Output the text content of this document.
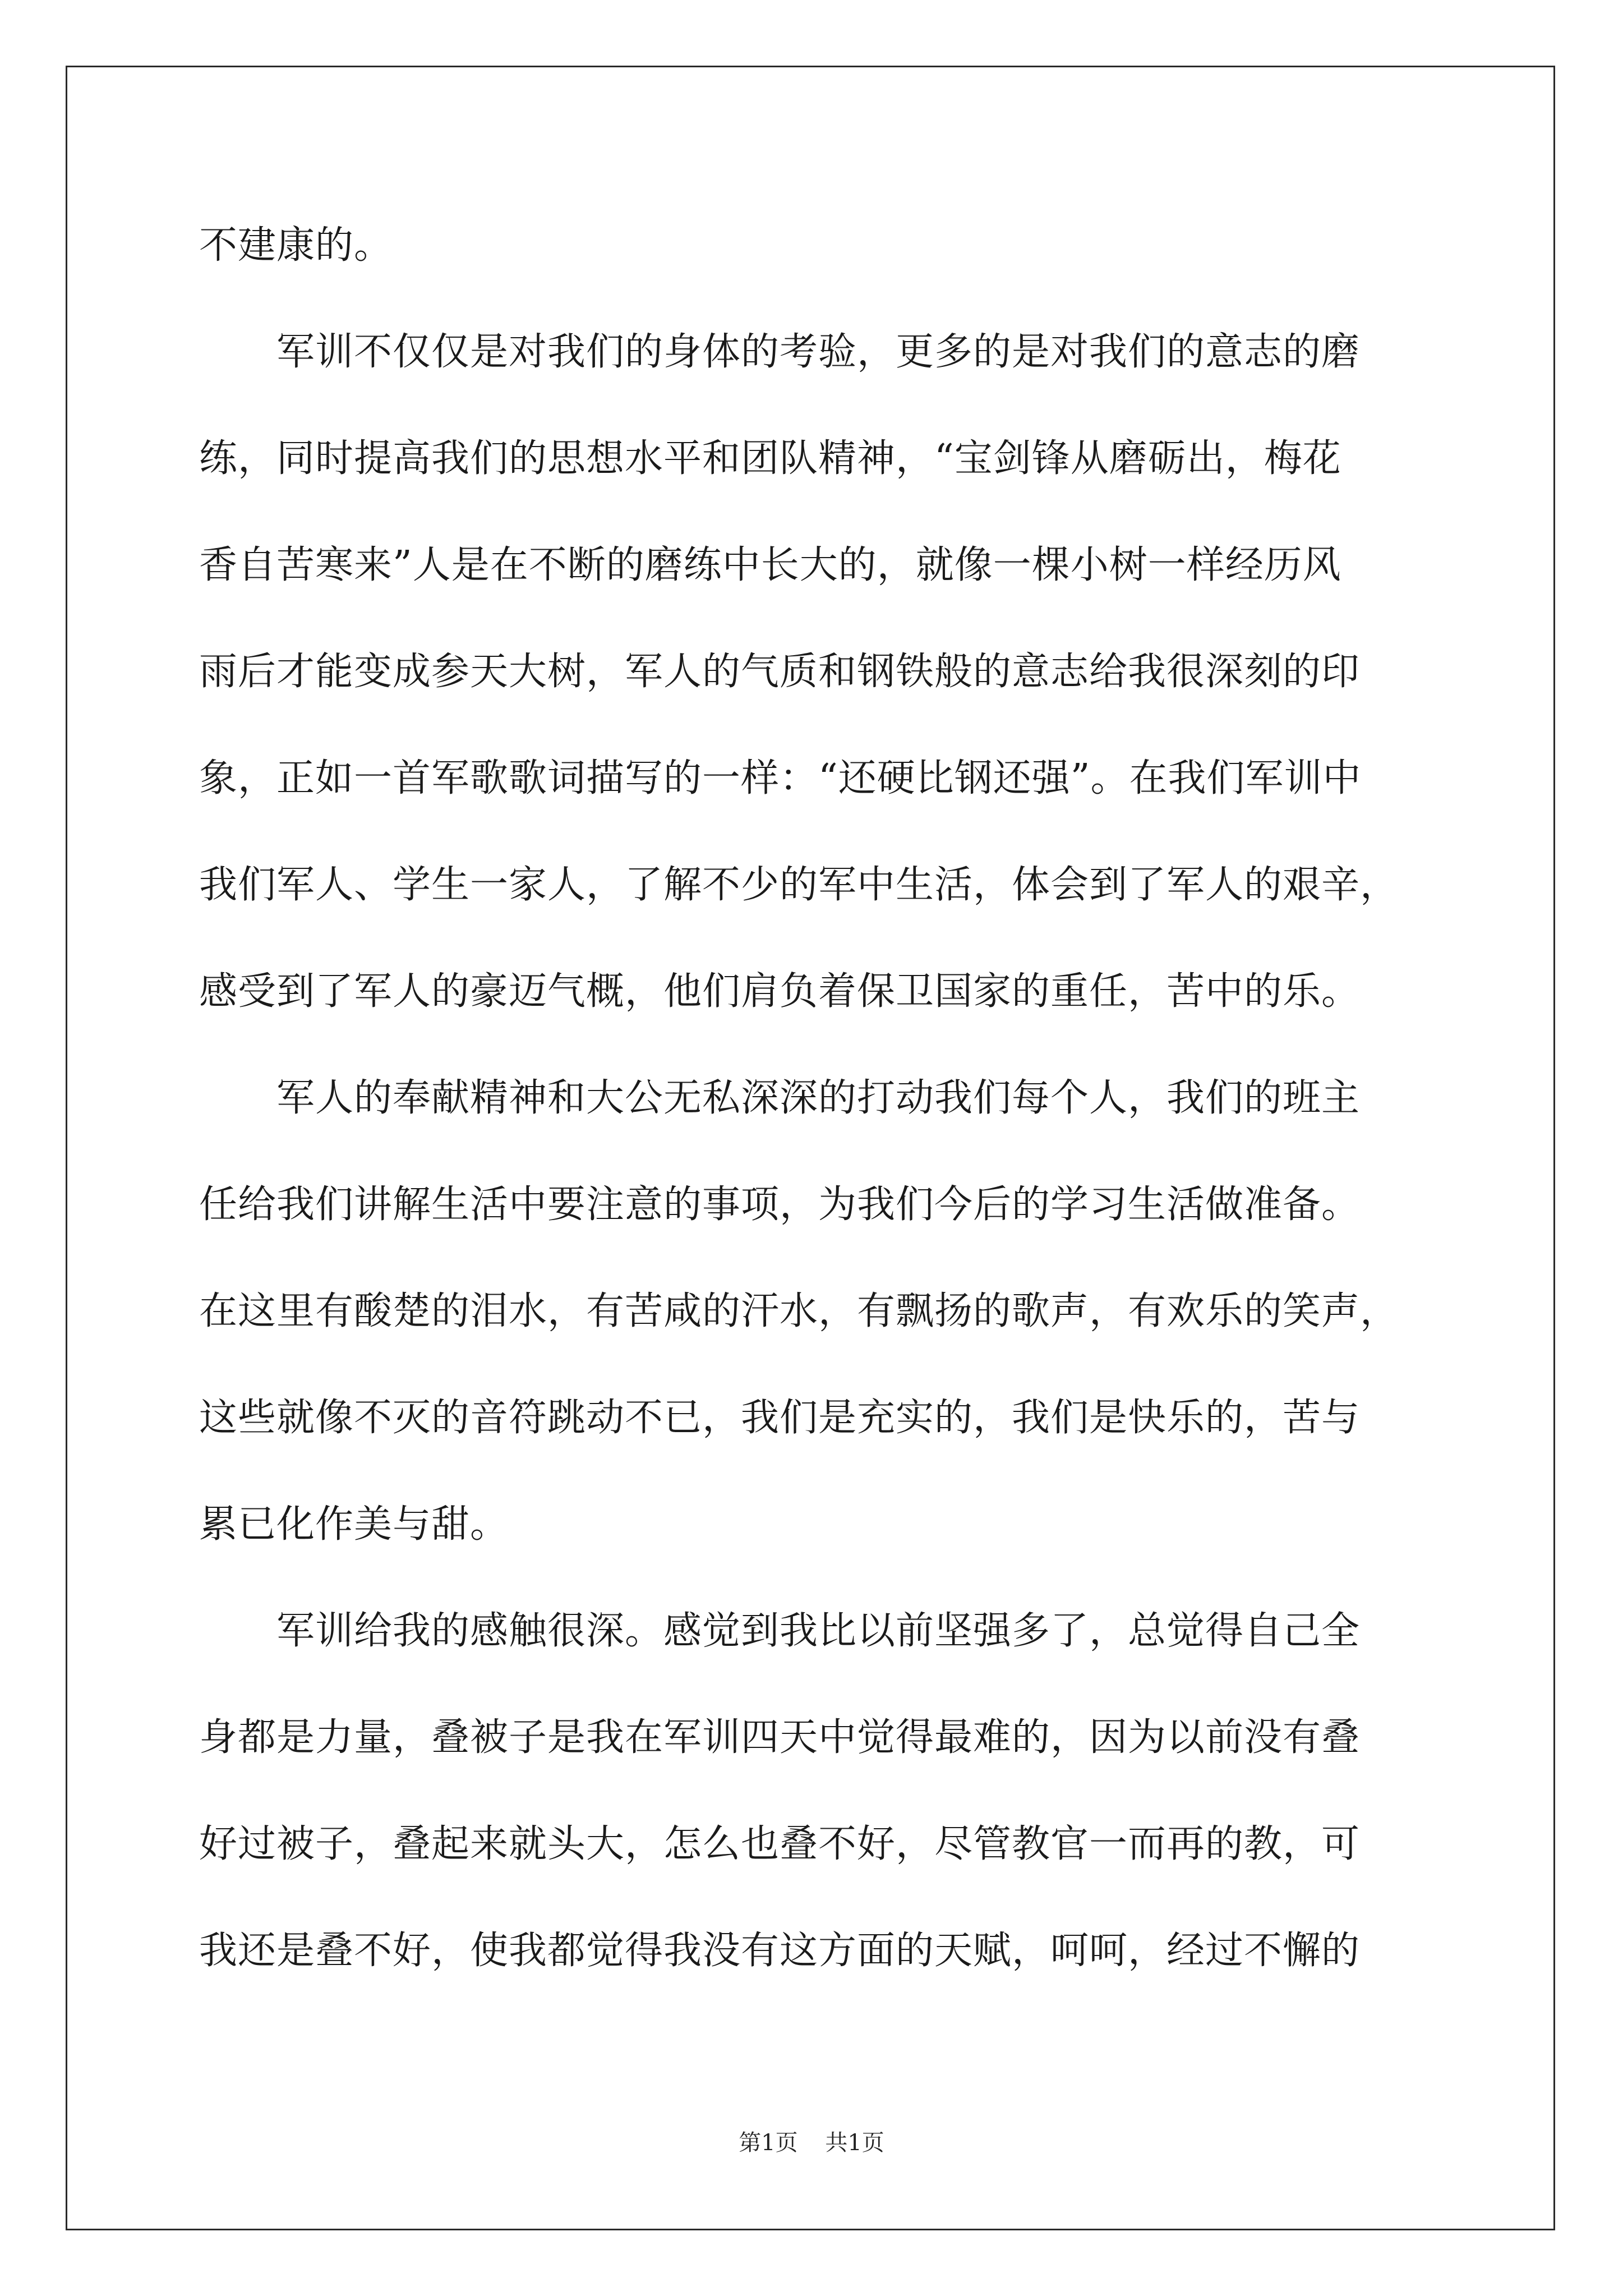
不建康的。

　　军训不仅仅是对我们的身体的考验，更多的是对我们的意志的磨

练，同时提高我们的思想水平和团队精神，“宝剑锋从磨砺出，梅花

香自苦寒来”人是在不断的磨练中长大的，就像一棵小树一样经历风

雨后才能变成参天大树，军人的气质和钢铁般的意志给我很深刻的印

象，正如一首军歌歌词描写的一样：“还硬比钢还强”。在我们军训中

我们军人、学生一家人，了解不少的军中生活，体会到了军人的艰辛，

感受到了军人的豪迈气概，他们肩负着保卫国家的重任，苦中的乐。

　　军人的奉献精神和大公无私深深的打动我们每个人，我们的班主

任给我们讲解生活中要注意的事项，为我们今后的学习生活做准备。

在这里有酸楚的泪水，有苦咸的汗水，有飘扬的歌声，有欢乐的笑声，

这些就像不灭的音符跳动不已，我们是充实的，我们是快乐的，苦与

累已化作美与甜。

　　军训给我的感触很深。感觉到我比以前坚强多了，总觉得自己全

身都是力量，叠被子是我在军训四天中觉得最难的，因为以前没有叠

好过被子，叠起来就头大，怎么也叠不好，尽管教官一而再的教，可

我还是叠不好，使我都觉得我没有这方面的天赋，呵呵，经过不懈的

第1页 共1页
